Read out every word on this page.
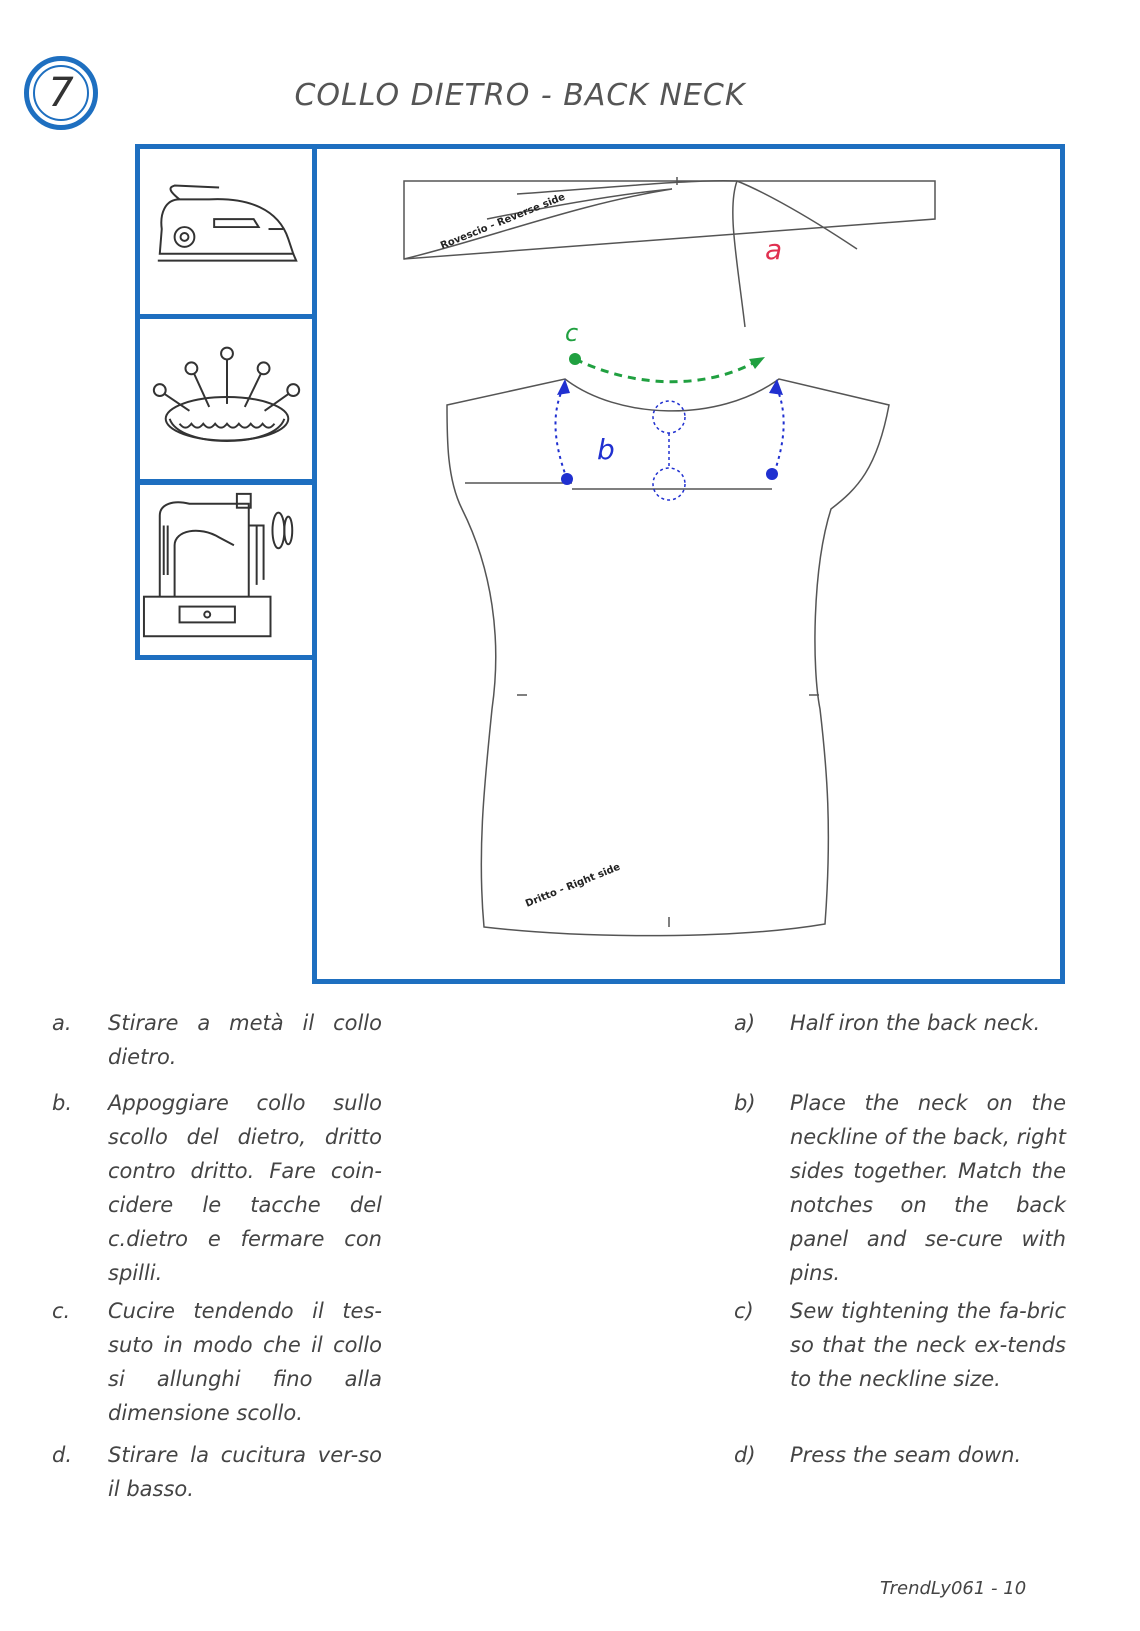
7	COLLO DIETRO - BACK NECK
Rovescio - Reverse side
Dritto - Right side
b
c
a
a. Stirare a metà il collo dietro.
b. Appoggiare collo sullo scollo del dietro, dritto contro dritto. Fare coin-cidere le tacche del c.dietro e fermare con spilli.
c. Cucire tendendo il tes-suto in modo che il collo si allunghi fino alla dimensione scollo.
d. Stirare la cucitura ver-so il basso.
a) Half iron the back neck.
b) Place the neck on the neckline of the back, right sides together. Match the notches on the back panel and se-cure with pins.
c) Sew tightening the fa-bric so that the neck ex-tends to the neckline size.
d) Press the seam down.
TrendLy061 - 10
